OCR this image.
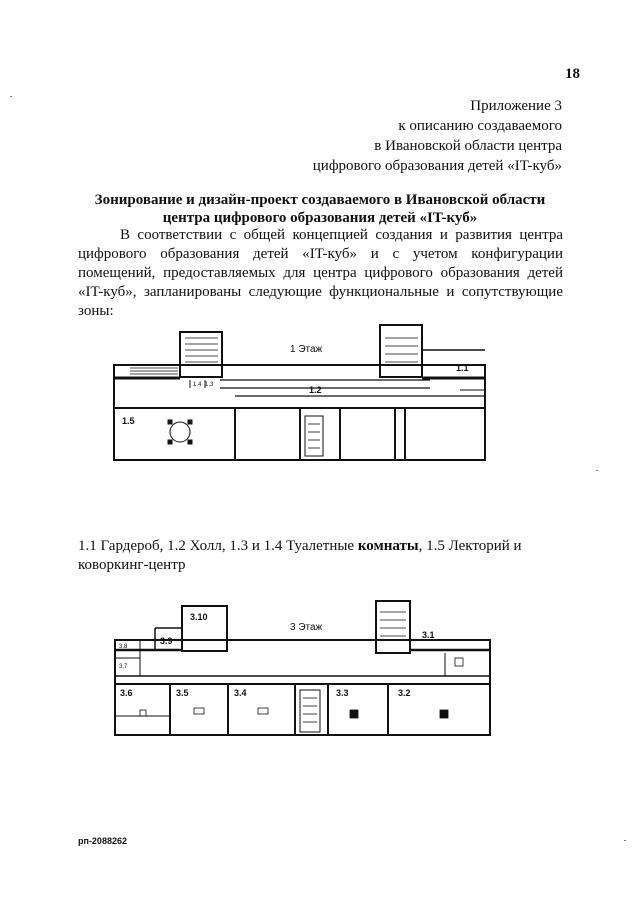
18
Приложение 3
к описанию создаваемого
в Ивановской области центра
цифрового образования детей «IT-куб»
Зонирование и дизайн-проект создаваемого в Ивановской области
центра цифрового образования детей «IT-куб»
В соответствии с общей концепцией создания и развития центра цифрового образования детей «IT-куб» и с учетом конфигурации помещений, предоставляемых для центра цифрового образования детей «IT-куб», запланированы следующие функциональные и сопутствующие зоны:
1 Этаж
1.1
1.2
1.3
1.4
1.5
1.1 Гардероб, 1.2 Холл, 1.3 и 1.4 Туалетные комнаты, 1.5 Лекторий и коворкинг-центр
3 Этаж
3.1
3.2
3.3
3.4
3.5
3.6
3.7
3.8
3.9
3.10
рп-2088262
